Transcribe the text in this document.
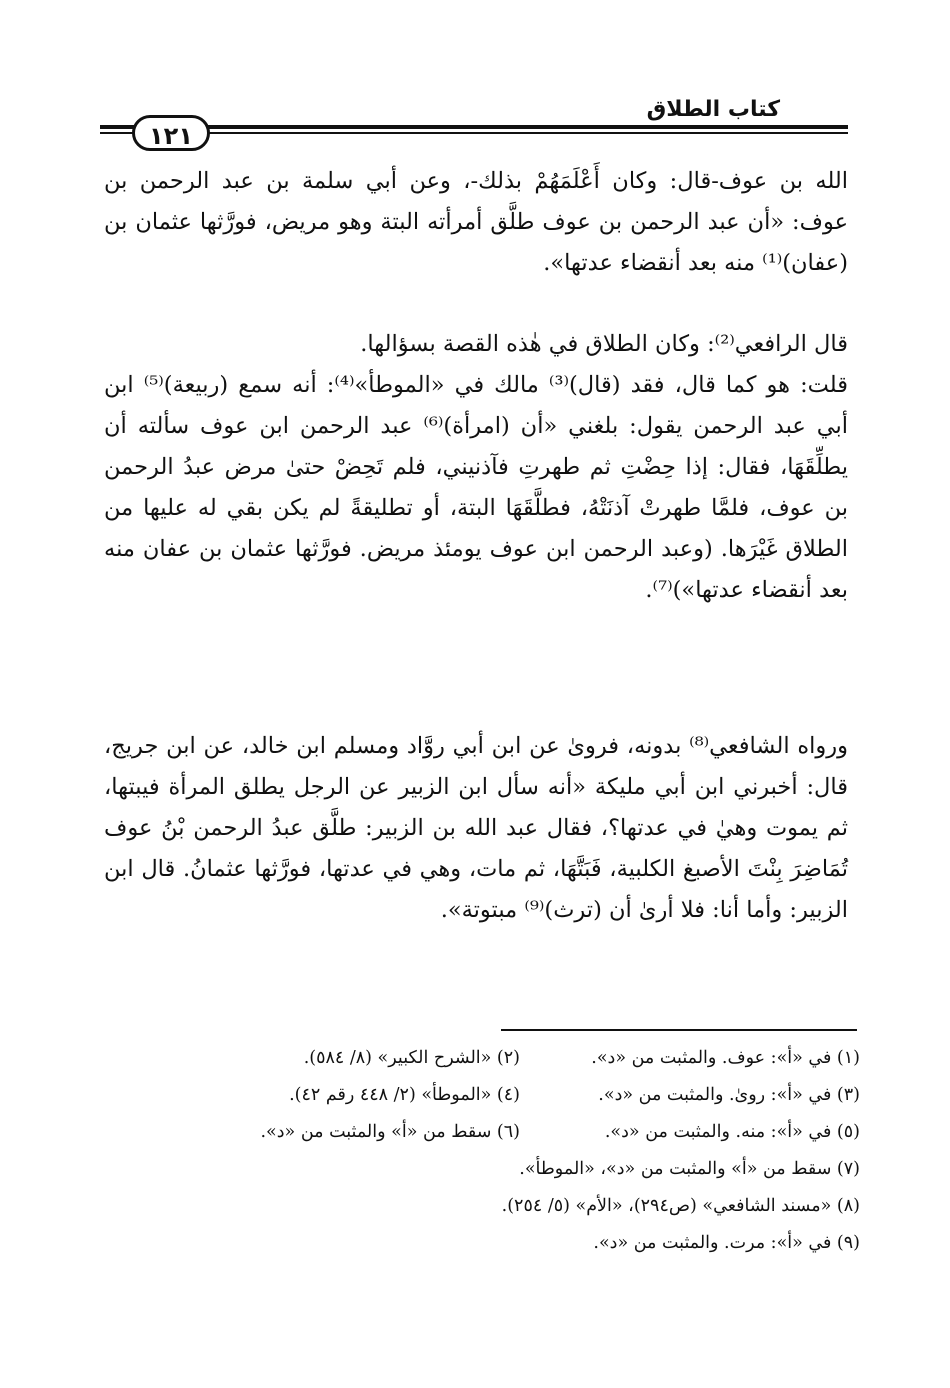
كتاب الطلاق
١٢١

الله بن عوف-قال: وكان أَعْلَمَهُمْ بذلك-، وعن أبي سلمة بن عبد الرحمن بن عوف: «أن عبد الرحمن بن عوف طلَّق أمرأته البتة وهو مريض، فورَّثها عثمان بن (عفان)⁽¹⁾ منه بعد أنقضاء عدتها».

قال الرافعي⁽²⁾: وكان الطلاق في هٰذه القصة بسؤالها.

قلت: هو كما قال، فقد (قال)⁽³⁾ مالك في «الموطأ»⁽⁴⁾: أنه سمع (ربيعة)⁽⁵⁾ ابن أبي عبد الرحمن يقول: بلغني «أن (امرأة)⁽⁶⁾ عبد الرحمن ابن عوف سألته أن يطلِّقَهَا، فقال: إذا حِضْتِ ثم طهرتِ فآذنيني، فلم تَحِضْ حتىٰ مرض عبدُ الرحمن بن عوف، فلمَّا طهرتْ آذنَتْهُ، فطلَّقَهَا البتة، أو تطليقةً لم يكن بقي له عليها من الطلاق غَيْرَها. (وعبد الرحمن ابن عوف يومئذ مريض. فورَّثها عثمان بن عفان منه بعد أنقضاء عدتها»)⁽⁷⁾.

ورواه الشافعي⁽⁸⁾ بدونه، فرویٰ عن ابن أبي روَّاد ومسلم ابن خالد، عن ابن جريج، قال: أخبرني ابن أبي مليكة «أنه سأل ابن الزبير عن الرجل يطلق المرأة فيبتها، ثم يموت وهيٰ في عدتها؟، فقال عبد الله بن الزبير: طلَّق عبدُ الرحمن بْنُ عوف تُمَاضِرَ بِنْتَ الأصبغ الكلبية، فَبَتَّهَا، ثم مات، وهي في عدتها، فورَّثها عثمانُ. قال ابن الزبير: وأما أنا: فلا أرىٰ أن (ترث)⁽⁹⁾ مبتوتة».

(١) في «أ»: عوف. والمثبت من «د».
(٢) «الشرح الكبير» (٨/ ٥٨٤).
(٣) في «أ»: رویٰ. والمثبت من «د».
(٤) «الموطأ» (٢/ ٤٤٨ رقم ٤٢).
(٥) في «أ»: منه. والمثبت من «د».
(٦) سقط من «أ» والمثبت من «د».
(٧) سقط من «أ» والمثبت من «د»، «الموطأ».
(٨) «مسند الشافعي» (ص٢٩٤)، «الأم» (٥/ ٢٥٤).
(٩) في «أ»: مرت. والمثبت من «د».
